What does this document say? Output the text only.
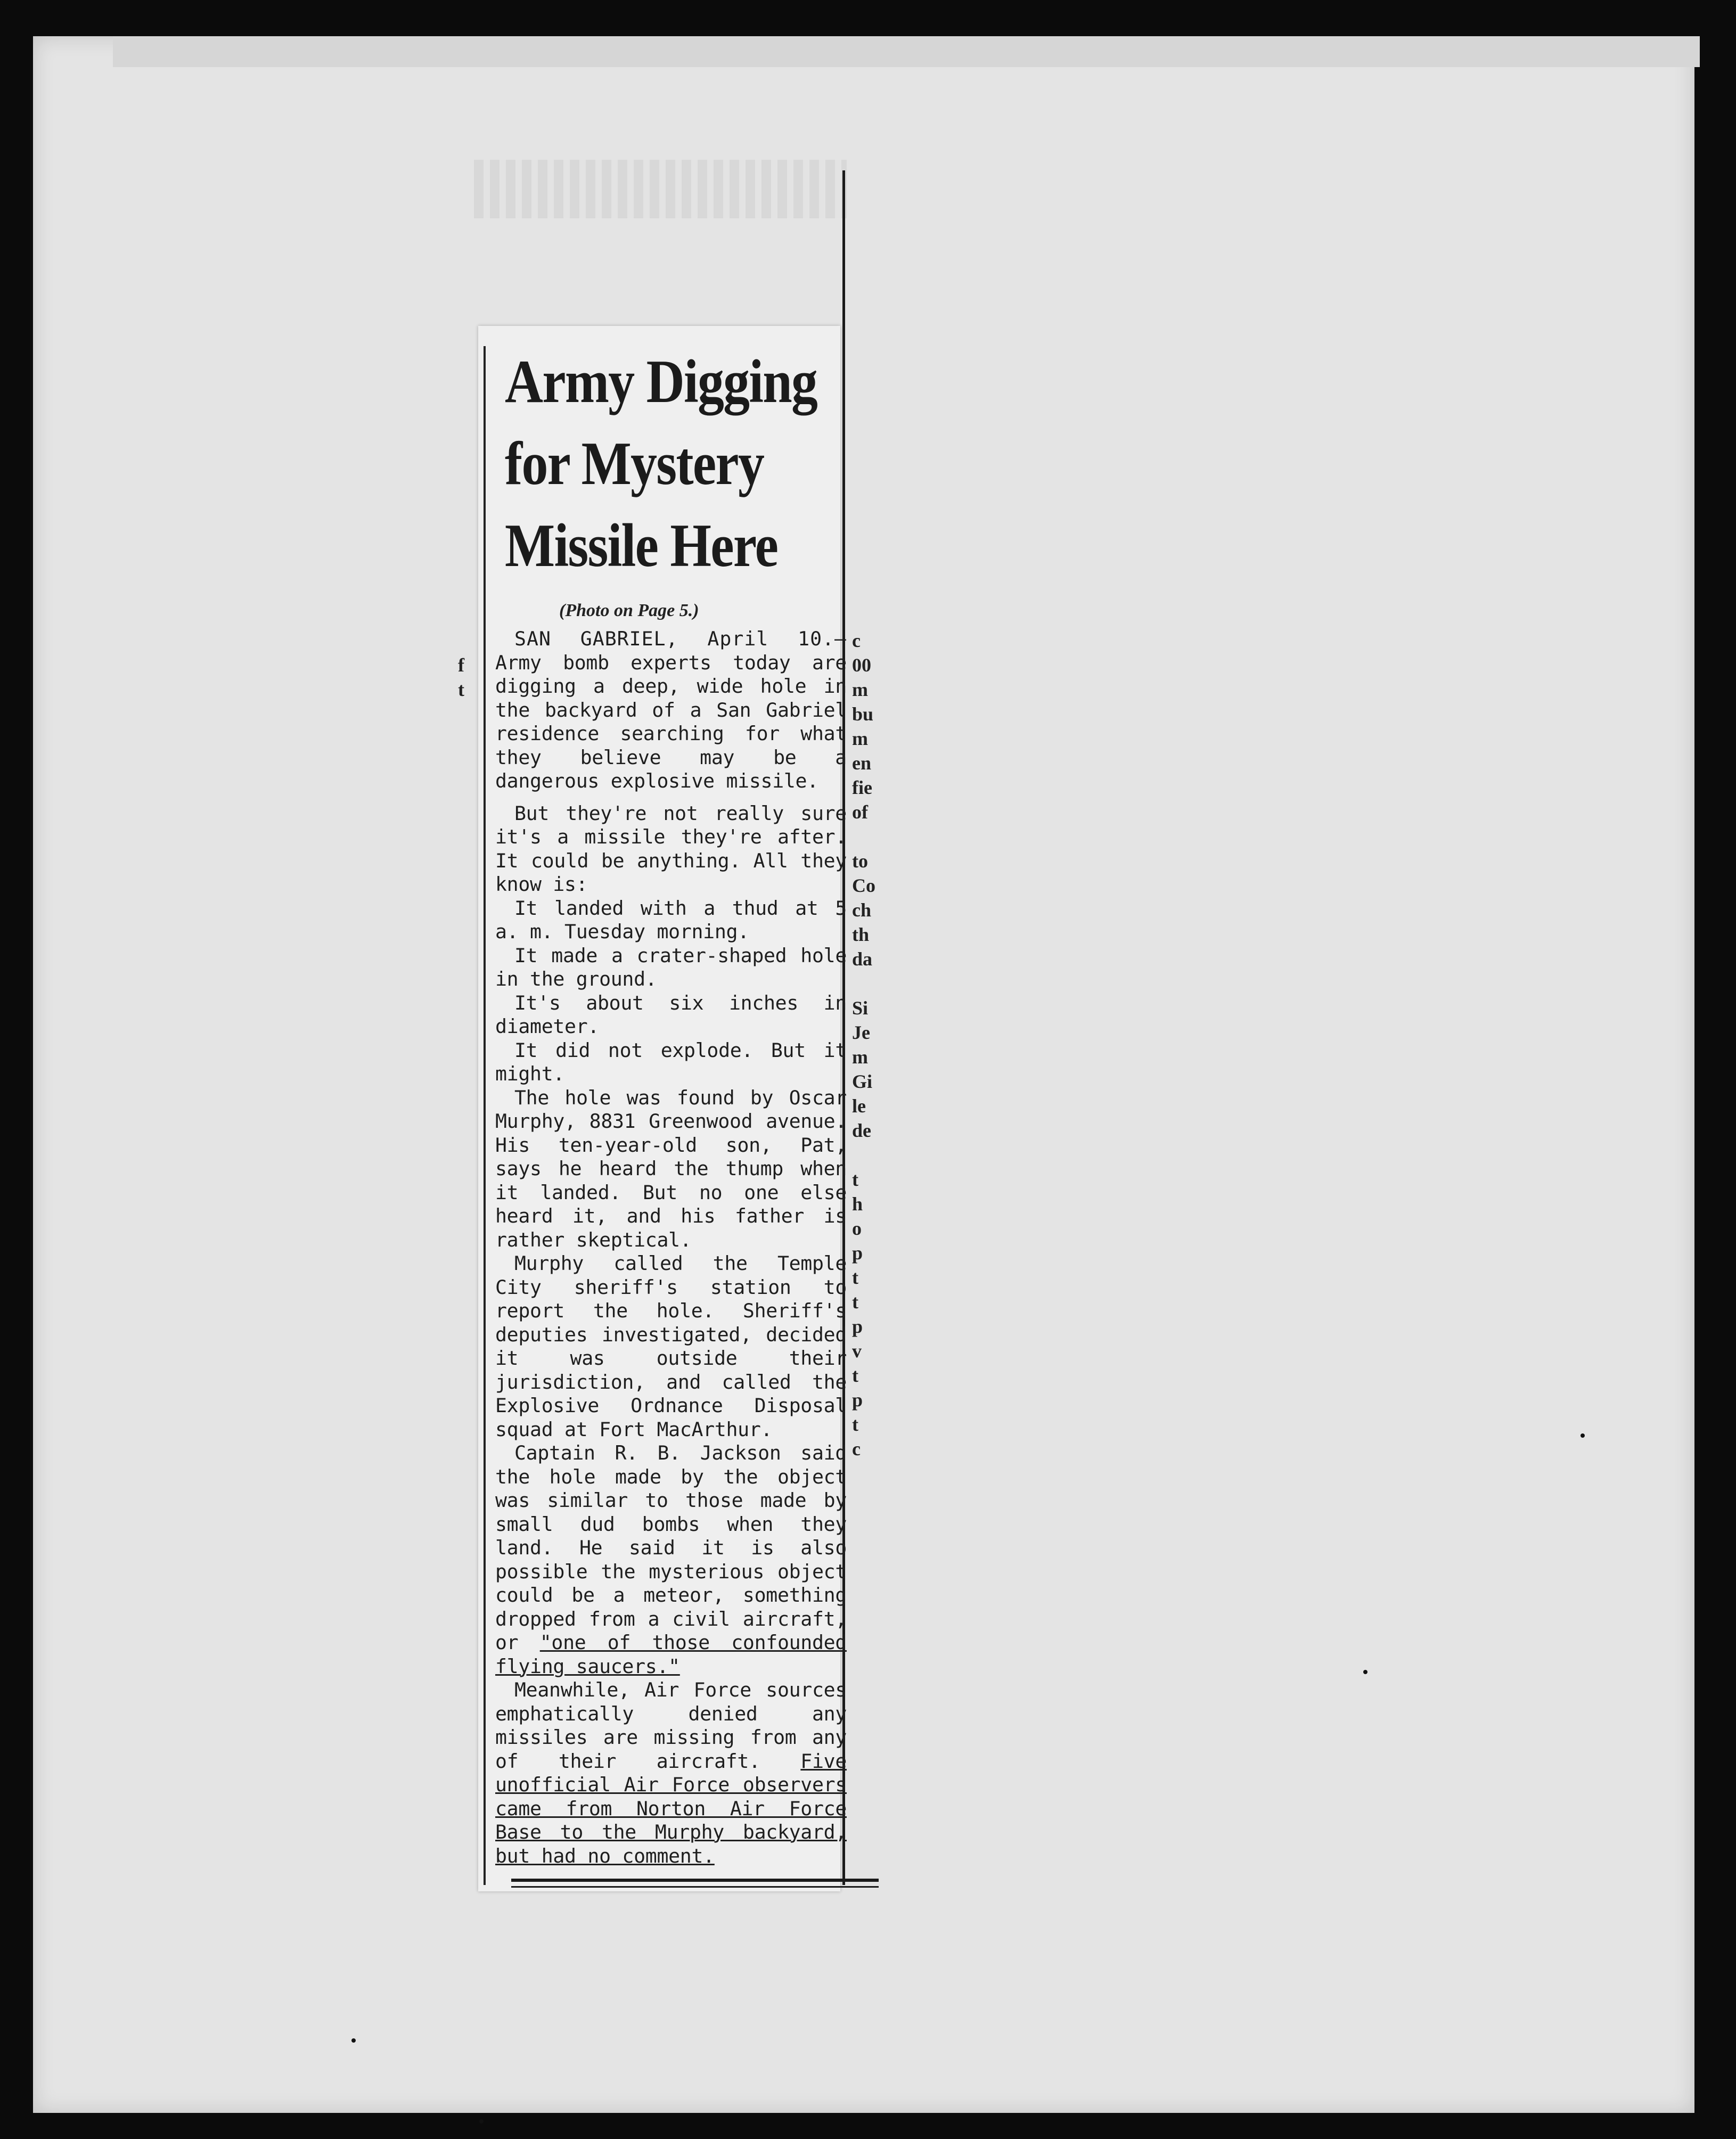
Army Digging
for Mystery
Missile Here
(Photo on Page 5.)

SAN GABRIEL, April 10.— Army bomb experts today are digging a deep, wide hole in the backyard of a San Gabriel residence searching for what they believe may be a dangerous explosive missile.

But they're not really sure it's a missile they're after. It could be anything. All they know is:

It landed with a thud at 5 a. m. Tuesday morning.

It made a crater-shaped hole in the ground.

It's about six inches in diameter.

It did not explode. But it might.

The hole was found by Oscar Murphy, 8831 Greenwood avenue. His ten-year-old son, Pat, says he heard the thump when it landed. But no one else heard it, and his father is rather skeptical.

Murphy called the Temple City sheriff's station to report the hole. Sheriff's deputies investigated, decided it was outside their jurisdiction, and called the Explosive Ordnance Disposal squad at Fort MacArthur.

Captain R. B. Jackson said the hole made by the object was similar to those made by small dud bombs when they land. He said it is also possible the mysterious object could be a meteor, something dropped from a civil aircraft, or "one of those confounded flying saucers."

Meanwhile, Air Force sources emphatically denied any missiles are missing from any of their aircraft. Five unofficial Air Force observers came from Norton Air Force Base to the Murphy backyard, but had no comment.

c
00
m
bu
m
en
fie
of

to
Co
ch
th
da

Si
Je
m
Gi
le
de

t
h
o
p
t
t
p
v
t
p
t
c

f
t
